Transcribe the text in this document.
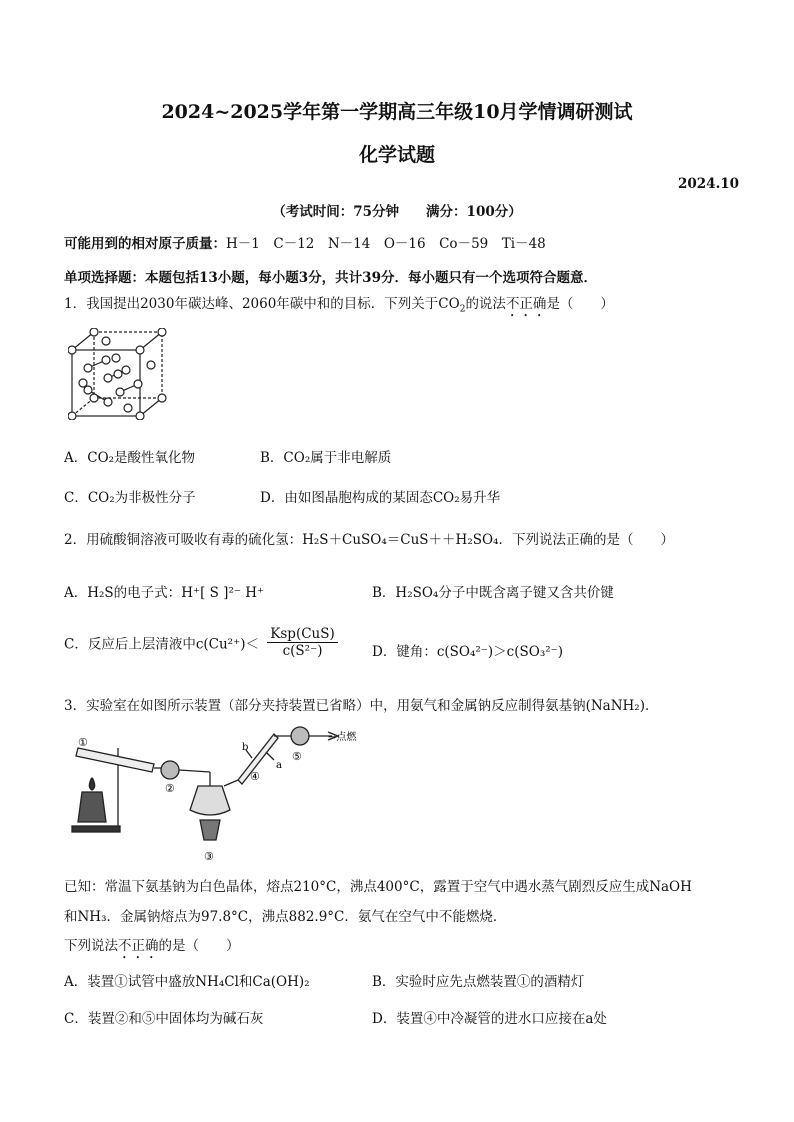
2024~2025学年第一学期高三年级10月学情调研测试
化学试题
2024.10
（考试时间：75分钟　　满分：100分）
可能用到的相对原子质量：H－1　C－12　N－14　O－16　Co－59　Ti－48
单项选择题：本题包括13小题，每小题3分，共计39分．每小题只有一个选项符合题意．
1．我国提出2030年碳达峰、2060年碳中和的目标．下列关于$CO_2$的说法不正确是（　　）
A．CO₂是酸性氧化物	B．CO₂属于非电解质
C．CO₂为非极性分子	D．由如图晶胞构成的某固态CO₂易升华
2．用硫酸铜溶液可吸收有毒的硫化氢：H₂S＋CuSO₄＝CuS＋＋H₂SO₄．下列说法正确的是（　　）
A．H₂S的电子式：H⁺[ S ]²⁻ H⁺	B．H₂SO₄分子中既含离子键又含共价键
C．反应后上层清液中c(Cu²⁺)＜
Ksp(CuS)
c(S²⁻)	D．键角：c(SO₄²⁻)＞c(SO₃²⁻)
3．实验室在如图所示装置（部分夹持装置已省略）中，用氨气和金属钠反应制得氨基钠(NaNH₂)．
②
①
③
④
⑤
b
a
→点燃
已知：常温下氨基钠为白色晶体，熔点210°C，沸点400°C，露置于空气中遇水蒸气剧烈反应生成NaOH
和NH₃．金属钠熔点为97.8°C，沸点882.9°C．氨气在空气中不能燃烧．
下列说法不正确的是（　　）
A．装置①试管中盛放NH₄Cl和Ca(OH)₂	B．实验时应先点燃装置①的酒精灯
C．装置②和⑤中固体均为碱石灰	D．装置④中冷凝管的进水口应接在a处
